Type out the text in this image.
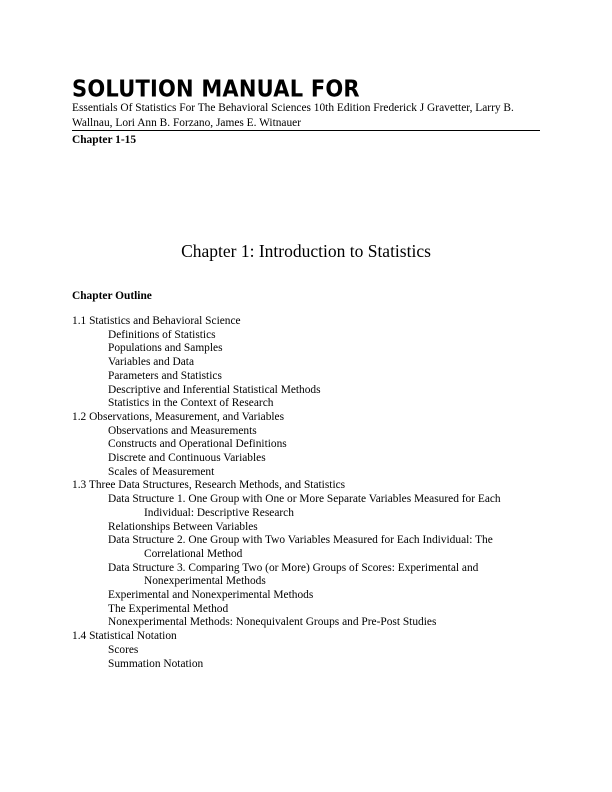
SOLUTION MANUAL FOR
Essentials Of Statistics For The Behavioral Sciences 10th Edition Frederick J Gravetter, Larry B. Wallnau, Lori Ann B. Forzano, James E. Witnauer
Chapter 1-15
Chapter 1: Introduction to Statistics
Chapter Outline
1.1 Statistics and Behavioral Science
Definitions of Statistics
Populations and Samples
Variables and Data
Parameters and Statistics
Descriptive and Inferential Statistical Methods
Statistics in the Context of Research
1.2 Observations, Measurement, and Variables
Observations and Measurements
Constructs and Operational Definitions
Discrete and Continuous Variables
Scales of Measurement
1.3 Three Data Structures, Research Methods, and Statistics
Data Structure 1. One Group with One or More Separate Variables Measured for Each
Individual: Descriptive Research
Relationships Between Variables
Data Structure 2. One Group with Two Variables Measured for Each Individual: The
Correlational Method
Data Structure 3. Comparing Two (or More) Groups of Scores: Experimental and
Nonexperimental Methods
Experimental and Nonexperimental Methods
The Experimental Method
Nonexperimental Methods: Nonequivalent Groups and Pre-Post Studies
1.4 Statistical Notation
Scores
Summation Notation
